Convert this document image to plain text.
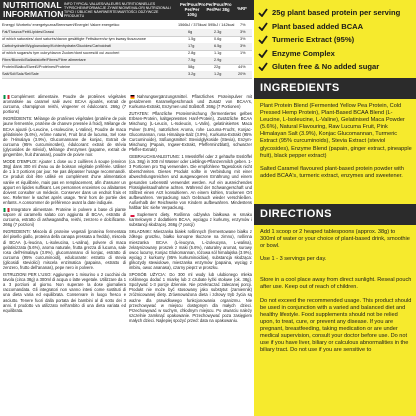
NUTRITIONAL INFORMATION
INFO TYPICAL VALUES/VALEURS NUTRITIONNELLES TYPISCHE/INFORMACJE ŻYWIENIOWE/VALORI NUTRIZIONALI TIPICI / ÜBLICHE NÄHRWERTE/WARTOŚCI ODŻYWCZE PRODUKTU
Per/Pour/Pro Per/Per 100g
Per/Pour/Pro Per/Per 38g	%RI*
Energy/ Worbefo/ energetyczna/Brennwert/Energie/ Valore energetico	1566kJ / 375kcal 595kJ / 142kcal 7%
Fat/Tłuszcz/Fett/Lipides/Grassi	6g	2.3g	3%
of which saturates/ dont saturés/davon gesättigte Fettsäuren/w tym kwasy tłuszczowe	1.5g	0.6g	3%
Carbohydrate/Węglowodany/Kohlenhydrate/Glucides/Carboidrati	17g	6.5g	3%
of which sugars/w tym cukry/davon Zucker/dont sucres/di cui zuccheri	2.8g	1.1g	1%
Fibre/Błonnik/Ballaststoffe/Fibres/Fibre alimentare	7.5g	2.9g
Protein/Białko/Eiweiß/Protéines/Proteine	58g	22g	44%
Salt/Sól/Salz/Sel/Sale	3.2g	1.2g	20%

Complément alimentaire. Poudre de protéines végétales aromatisée au caramel salé avec BCAA ajoutés, extrait de curcuma, champignon reishi, vingeerer et édulcorant. 266g (7 portions)

INGRÉDIENTS: Mélange de protéines végétales (protéine de pois jaune fermentée, protéine de chanvre pressée à froid), Mélange de BCAA ajouté (L-Leucine, L-Isoleucine, L-Valine), Poudre de maca gélatinisée (5.6%), Arôme naturel, Fruit brut de lucuma, Sel rose de l'Himalaya (3.9%), Glucomannane de konjac, Extrait de curcuma (95% curcuminoïdes), édulcorant: extrait de stévia (glycosides de stéviol), Mélange d'enzymes (papaïne, extrait de gingembre, fruit d'ananas), poudre de poivre noir.

MODE D'EMPLOI: Ajouter 1 dose ou 2 cuillères à soupe (environ 38g) dans 300 ml d'eau ou de boisson végétale préférée. Utiliser de 1 à 3 portions par jour. Ne pas dépasser l'usage recommandé. Ce produit doit être utilisé en complément d'une alimentation variée et équilibrée, mais pas en remplacement, afin d'assurer un apport en lipides suffisant. Les personnes enceintes ou allaitantes doivent consulter un médecin. Conserver dans un endroit frais et sec. Refermer le sachet après usage. Tenir hors de portée des enfants. A consommer de préférence avant la date indiquée.

Integratore alimentare. Proteine in polvere a base di piante sapore al caramello salato con aggiunta di BCAA, estratto di curcuma, estratto di ashwagandha, reishi, zenzero e dolcificante. 266g (7 porzioni)

INGREDIENTI: Miscela di proteine vegetali (proteina fermentata del pisello giallo, proteina della canapa pressata a freddo), miscela di BCAA (L-leucina, L-isoleucina, L-valina), polvere di maca gelatinizzata (5.6%), aroma naturale, frutta grezza di lucuma, sale rosa dell'Himalaya (3.9%), glucomannano di konjac, estratto di curcuma (95% curcuminoidi), edulcorante: estratto di stevia (glicosidi steviolici) miscela enzimatica (papaina, estratto di zenzero, frutto dell'ananas), pepe nero in polvere.

ISTRUZIONI PER L'USO: Aggiungere 1 misurino o 2 cucchiai da tavola (circa 38g) a 300ml di acqua o latte vegetale. Utilizzare da 1 a 3 porzioni al giorno. Non superare la dose giornaliera raccomandata. Gli integratori non vanno intesi come sostituti di una dieta varia ed equilibrata. Conservare in luogo fresco e asciutto. Tenere fuori dalla portata dei bambini al di sotto dei 3 anni. Il prodotto va utilizzato nell'ambito di una dieta variata ed equilibrata.

Nahrungsergänzungsmittel. Pflanzliches Proteinpulver mit gesalzenem Karamellgeschmack und Zusatz von BCAA's, Kurkuma-Extrakt, Enzymen und Süßstoff. 266g (7 Portionen)

ZUTATEN: Pflanzliche Proteinmischung (fermentiertes gelbes Erbsen-Protein, kaltgepresstes Hanf-Protein), Zusätzliche BCAA Mischung (L-Leucin, L-Isoleucin, L-Valin), gelatinisiertes Maca Pulver (5.6%), natürliches Aroma, rohe Lucuma-Frucht, Konjac-Glucomannan, rosa Himalaya-Salz (3.9%), Kurkuma-Extrakt (95% Curcuminoide), Süßungsmittel: Steviolglykoside (Stevia), Enzym-Mischung (Papain, Ingwer-Extrakt, Pfefferminzblatt), schwarzer Pfeffer-Extrakt)

GEBRAUCHSANLEITUNG: 1 Messlöffel oder 2 gehäufte Esslöffel (ca. 38g) in 300 ml Wasser oder Lieblings-Pflanzenmilch geben. 1-3 Portionen pro Tag verwenden. Die empfohlene Tagesdosis nicht überschreiten. Dieses Produkt sollte in Verbindung mit einer abwechslungsreichen und ausgewogenen Ernährung und einem gesunden Lebensstil verwendet werden. Auf ein ausreichendes Flüssigkeitsaufnahme achten. Während der Schwangerschaft und Stillzeit einen Arzt konsultieren. An einem kühlen, trockenen Ort aufbewahren. Verpackung nach Gebrauch wieder verschließen. Außerhalb der Reichweite von Kindern aufbewahren. Mindestens haltbar bis: siehe Verpackung.

Suplement diety. Roślinna odżywka białkowa w smaku karmelowym z dodatkiem BCAA, wyciągu z kurkumy, enzymów i substancji słodzącej. 266g (7 porcji)

SKŁADNIKI: Mieszanka białek roślinnych (fermentowane białko z żółtego groszku, białko konopne tłoczone na zimno), roślinna mieszanka BCAA (L-leucyna, L-izoleucyna, L-walina), żelatynizowany proszek z maki (5.6%), naturalny aromat, surowy owoc lucumy, Konjac Glukomannan, różowa sól himalajska (3.9%), wyciąg z kurkumy (95% kurkuminoidów), substancja słodząca: glikozydy stewiolowe, mieszanka enzymów (papaina, wyciąg z imbiru, owoc ananasa), czarny pieprz w proszku.

SPOSÓB UŻYCIA: Do 300 ml wody lub ulubionego mleka roślinnego dodać 1 miarkę lub 2 czubate łyżki stołowe (ok. 38g). Spożywać 1-3 porcje dziennie. Nie przekraczać zalecanej porcji. Produkt nie może być stosowany jako substytut (zamiennik) zróżnicowanej diety. Zrównoważona dieta i zdrowy tryb życia są ważne dla prawidłowego funkcjonowania organizmu. Nie przechowywać w miejscu dostępnym dla małych dzieci. Przechowywać w suchym, chłodnym miejscu. Po otwarciu należy szczelnie zamknąć opakowanie. Przechowywać poza zasięgiem małych dzieci. Najlepiej spożyć przed: data na opakowaniu.

25g plant based protein per serving
Plant based added BCAA
Turmeric Extract (95%)
Enzyme Complex
Gluten free & No added sugar
INGREDIENTS

Plant Protein Blend (Fermented Yellow Pea Protein, Cold Pressed Hemp Protein), Plant-Based BCAA Blend (L-Leucine, L-Isoleucine, L-Valine), Gelatinised Maca Powder (5.6%), Natural Flavouring, Raw Lucuma Fruit, Pink Himalayan Salt (3.9%), Konjac Glucomannan, Turmeric Extract (95% curcuminoids), Stevia Extract (steviol glycosides), Enzyme Blend (papain, ginger extract, pineapple fruit), black pepper extract)

Salted Caramel flavoured plant-based protein powder with added BCAA's, turmeric extract, enzymes and sweetener.

DIRECTIONS

Add 1 scoop or 2 heaped tablespoons (approx. 38g) to 300ml of water or your choice of plant-based drink, smoothie or bowl.

Use 1 - 3 servings per day.

Store in a cool place away from direct sunlight. Reseal pouch after use. Keep out of reach of children.

Do not exceed the recommended usage. This product should be used in conjunction with a varied and balanced diet and healthy lifestyle. Food supplements should not be relied upon, to treat, cure, or prevent any disease. If you are pregnant, breastfeeding, taking medication or are under medical supervision, consult your doctor before use. Do not use if you have liver, biliary or calculous abnormalities in the biliary tract. Do not use if you are sensitive to
